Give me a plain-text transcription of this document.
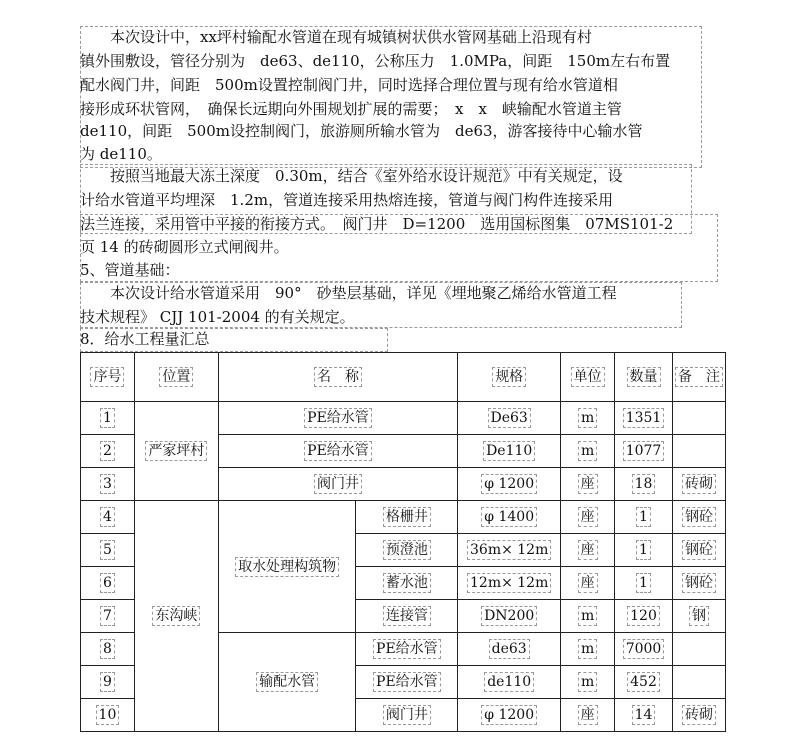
　　本次设计中，xx坪村输配水管道在现有城镇树状供水管网基础上沿现有村
镇外围敷设，管径分别为　de63、de110，公称压力　1.0MPa，间距　150m左右布置
配水阀门井，间距　500m设置控制阀门井，同时选择合理位置与现有给水管道相
接形成环状管网，　确保长远期向外围规划扩展的需要；　x　x　峡输配水管道主管
de110，间距　500m设控制阀门，旅游厕所输水管为　de63，游客接待中心输水管
为 de110。
　　按照当地最大冻土深度　0.30m，结合《室外给水设计规范》中有关规定，设
计给水管道平均埋深　1.2m，管道连接采用热熔连接，管道与阀门构件连接采用
法兰连接，采用管中平接的衔接方式。　阀门井　D=1200　选用国标图集　07MS101-2
页 14 的砖砌圆形立式闸阀井。
5、管道基础：
　　本次设计给水管道采用　90°　砂垫层基础，详见《埋地聚乙烯给水管道工程
技术规程》 CJJ 101-2004 的有关规定。
8．给水工程量汇总
序号	位置	名　称		规格	单位	数量	备　注
1	严家坪村	PE给水管		De63	m	1351	
2		PE给水管		De110	m	1077	
3		阀门井		φ 1200	座	18	砖砌
4	东沟峡	取水处理构筑物	格栅井	φ 1400	座	1	钢砼
5			预澄池	36m× 12m	座	1	钢砼
6			蓄水池	12m× 12m	座	1	钢砼
7			连接管	DN200	m	120	钢
8		输配水管	PE给水管	de63	m	7000	
9			PE给水管	de110	m	452	
10			阀门井	φ 1200	座	14	砖砌
